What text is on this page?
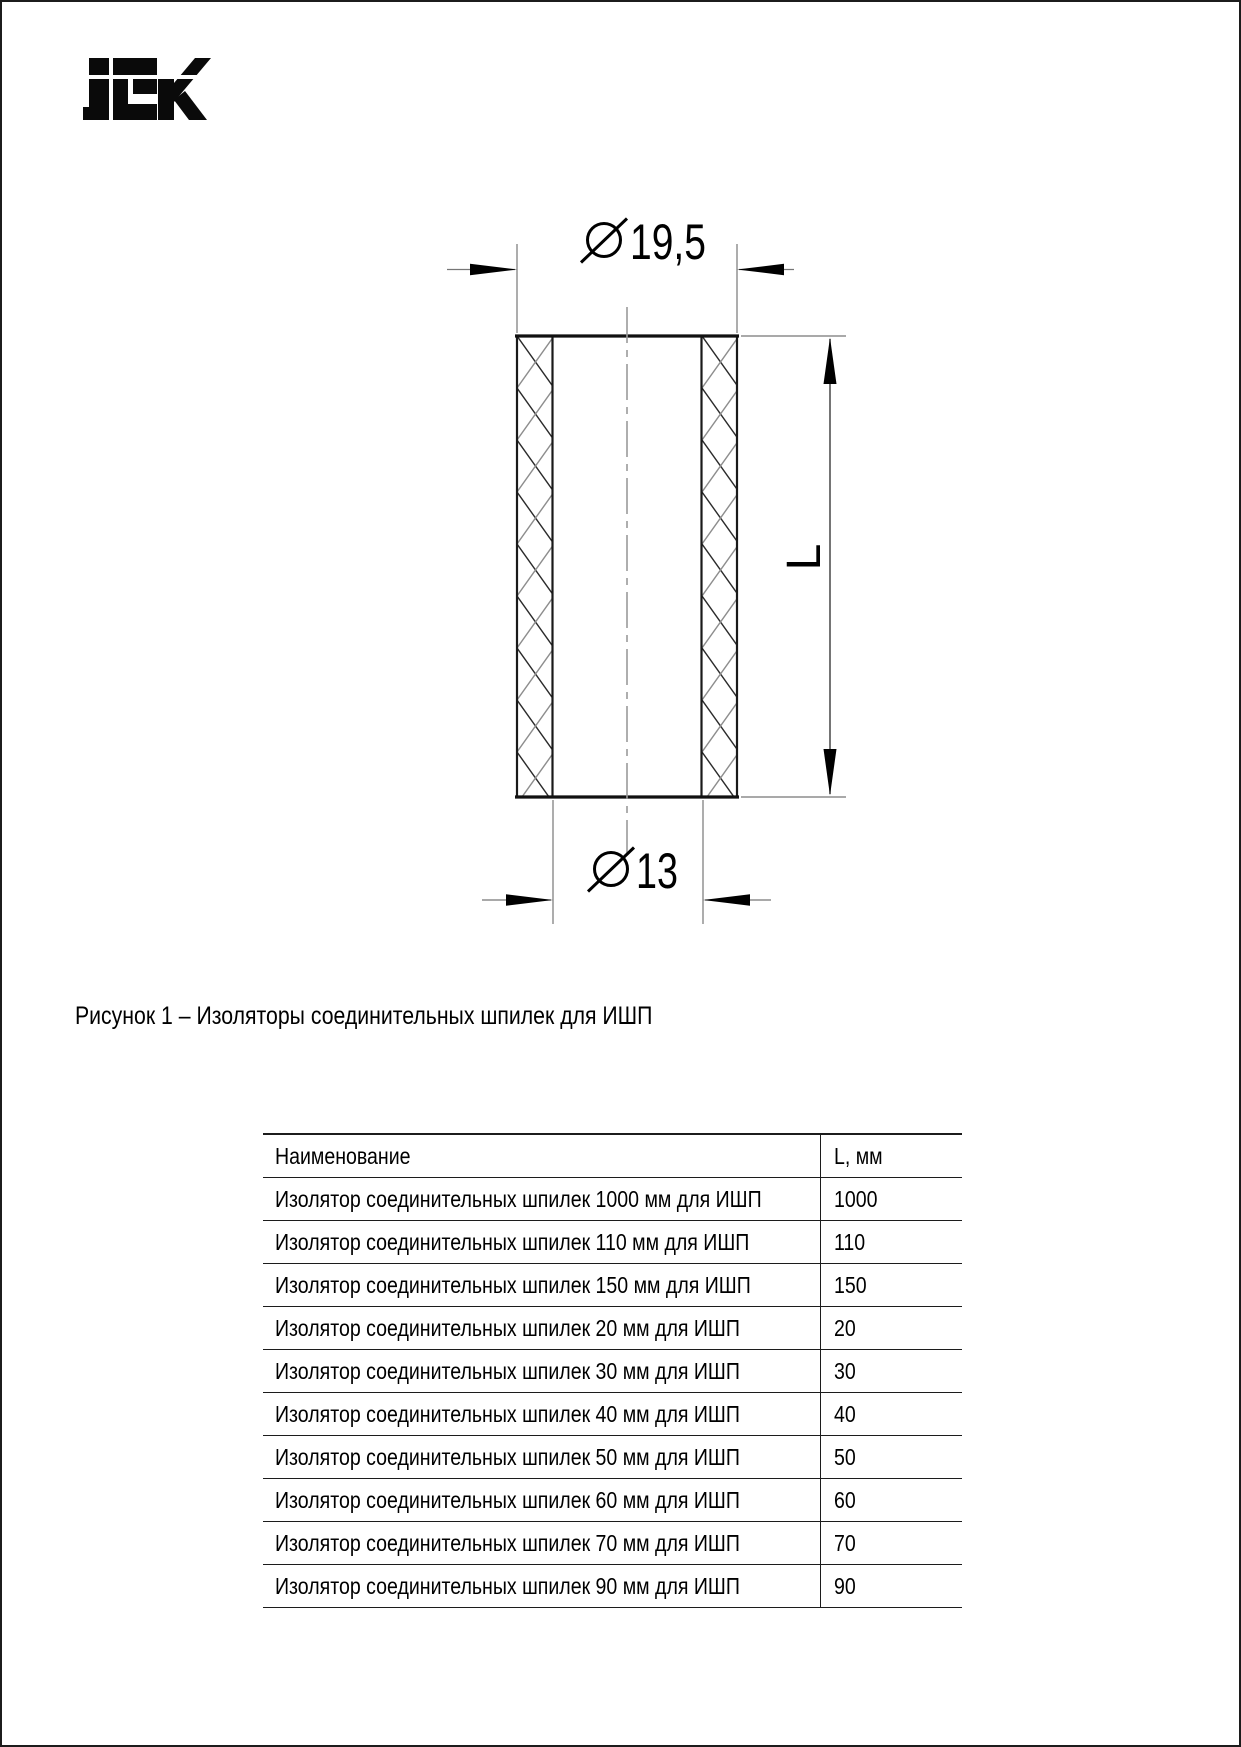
19,5
13
L
Рисунок 1 – Изоляторы соединительных шпилек для ИШП
Наименование	L, мм
Изолятор соединительных шпилек 1000 мм для ИШП	1000
Изолятор соединительных шпилек 110 мм для ИШП	110
Изолятор соединительных шпилек 150 мм для ИШП	150
Изолятор соединительных шпилек 20 мм для ИШП	20
Изолятор соединительных шпилек 30 мм для ИШП	30
Изолятор соединительных шпилек 40 мм для ИШП	40
Изолятор соединительных шпилек 50 мм для ИШП	50
Изолятор соединительных шпилек 60 мм для ИШП	60
Изолятор соединительных шпилек 70 мм для ИШП	70
Изолятор соединительных шпилек 90 мм для ИШП	90
